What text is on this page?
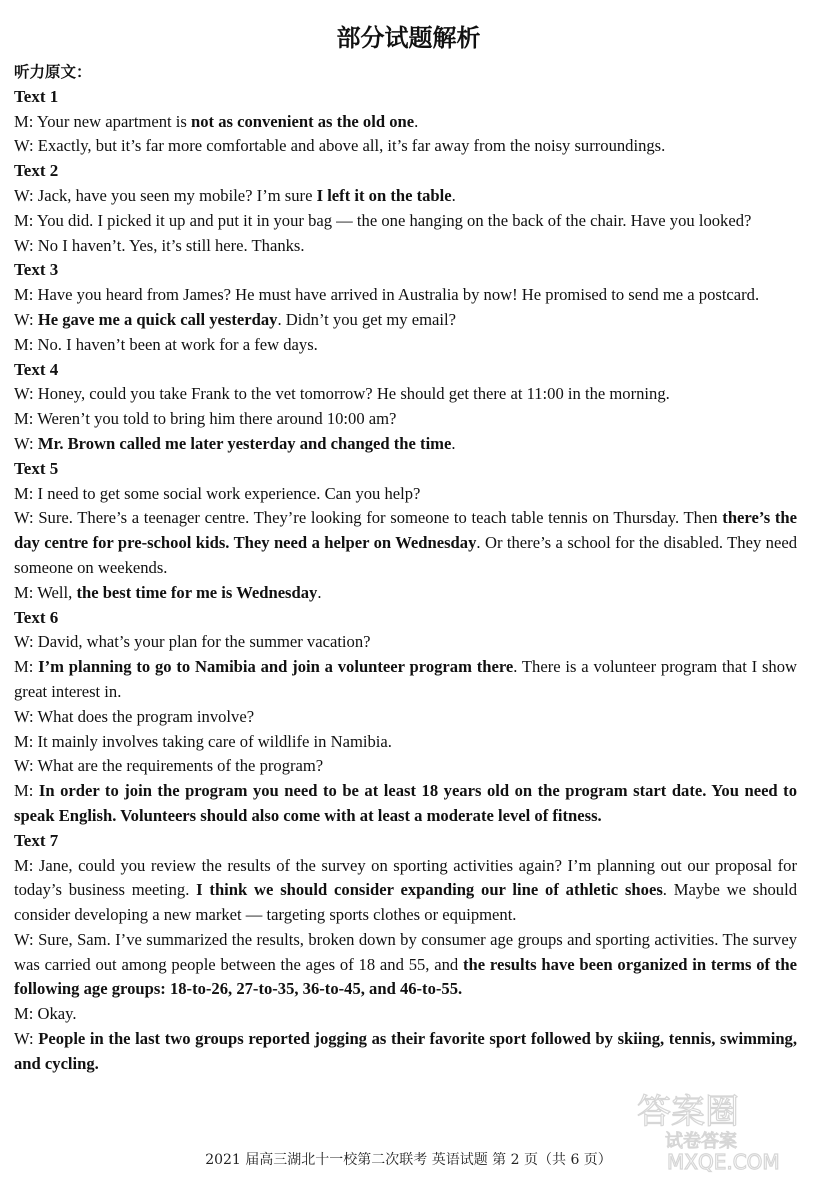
部分试题解析
听力原文：
Text 1
M: Your new apartment is not as convenient as the old one.
W: Exactly, but it’s far more comfortable and above all, it’s far away from the noisy surroundings.
Text 2
W: Jack, have you seen my mobile? I’m sure I left it on the table.
M: You did. I picked it up and put it in your bag — the one hanging on the back of the chair. Have you looked?
W: No I haven’t. Yes, it’s still here. Thanks.
Text 3
M: Have you heard from James? He must have arrived in Australia by now! He promised to send me a postcard.
W: He gave me a quick call yesterday. Didn’t you get my email?
M: No. I haven’t been at work for a few days.
Text 4
W: Honey, could you take Frank to the vet tomorrow? He should get there at 11:00 in the morning.
M: Weren’t you told to bring him there around 10:00 am?
W: Mr. Brown called me later yesterday and changed the time.
Text 5
M: I need to get some social work experience. Can you help?
W: Sure. There’s a teenager centre. They’re looking for someone to teach table tennis on Thursday. Then there’s the day centre for pre-school kids. They need a helper on Wednesday. Or there’s a school for the disabled. They need someone on weekends.
M: Well, the best time for me is Wednesday.
Text 6
W: David, what’s your plan for the summer vacation?
M: I’m planning to go to Namibia and join a volunteer program there. There is a volunteer program that I show great interest in.
W: What does the program involve?
M: It mainly involves taking care of wildlife in Namibia.
W: What are the requirements of the program?
M: In order to join the program you need to be at least 18 years old on the program start date. You need to speak English. Volunteers should also come with at least a moderate level of fitness.
Text 7
M: Jane, could you review the results of the survey on sporting activities again? I’m planning out our proposal for today’s business meeting. I think we should consider expanding our line of athletic shoes. Maybe we should consider developing a new market — targeting sports clothes or equipment.
W: Sure, Sam. I’ve summarized the results, broken down by consumer age groups and sporting activities. The survey was carried out among people between the ages of 18 and 55, and the results have been organized in terms of the following age groups: 18-to-26, 27-to-35, 36-to-45, and 46-to-55.
M: Okay.
W: People in the last two groups reported jogging as their favorite sport followed by skiing, tennis, swimming, and cycling.
2021 届高三湖北十一校第二次联考 英语试题 第 2 页（共 6 页）
答案圈
试卷答案
MXQE.COM
